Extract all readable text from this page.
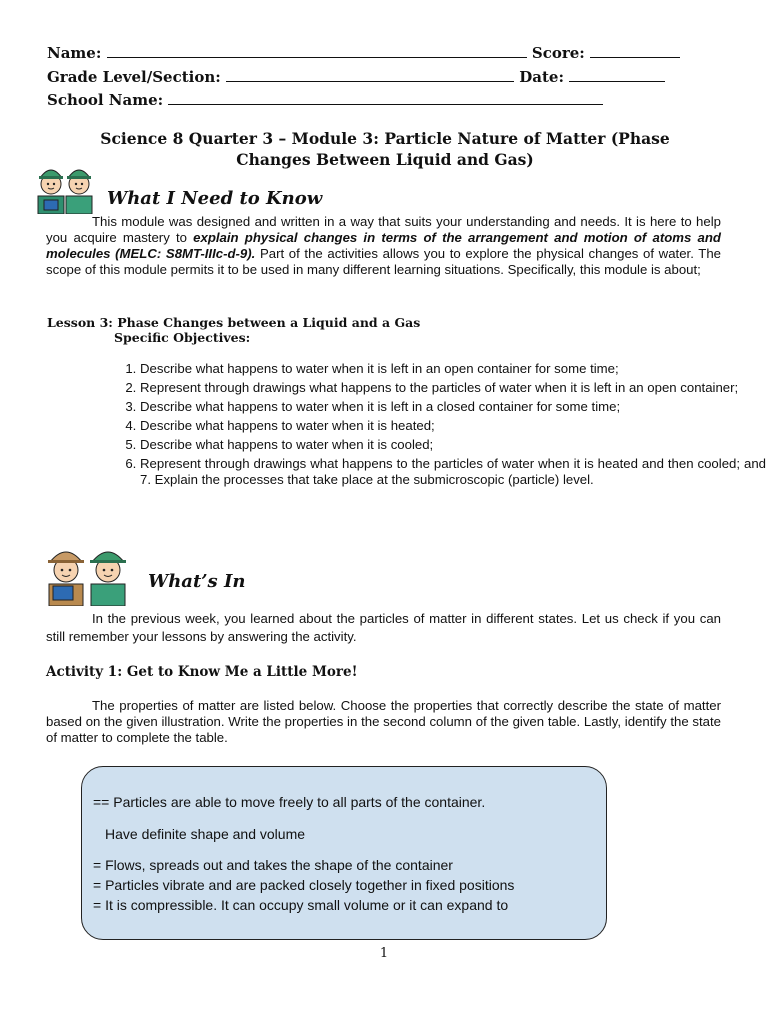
Name:	Score:
Grade Level/Section:	Date:
School Name:
Science 8 Quarter 3 – Module 3: Particle Nature of Matter (Phase
Changes Between Liquid and Gas)
What I Need to Know
This module was designed and written in a way that suits your understanding and needs. It is here to help you acquire mastery to explain physical changes in terms of the arrangement and motion of atoms and molecules (MELC: S8MT-IIIc-d-9). Part of the activities allows you to explore the physical changes of water. The scope of this module permits it to be used in many different learning situations. Specifically, this module is about;
Lesson 3: Phase Changes between a Liquid and a Gas
Specific Objectives:
1. Describe what happens to water when it is left in an open container for some time;
2. Represent through drawings what happens to the particles of water when it is left in an open container;
3. Describe what happens to water when it is left in a closed container for some time;
4. Describe what happens to water when it is heated;
5. Describe what happens to water when it is cooled;
6. Represent through drawings what happens to the particles of water when it is heated and then cooled; and 7. Explain the processes that take place at the submicroscopic (particle) level.
What’s In
In the previous week, you learned about the particles of matter in different states. Let us check if you can still remember your lessons by answering the activity.
Activity 1: Get to Know Me a Little More!
The properties of matter are listed below. Choose the properties that correctly describe the state of matter based on the given illustration. Write the properties in the second column of the given table. Lastly, identify the state of matter to complete the table.
== Particles are able to move freely to all parts of the container.
Have definite shape and volume
= Flows, spreads out and takes the shape of the container
= Particles vibrate and are packed closely together in fixed positions
= It is compressible. It can occupy small volume or it can expand to
1
